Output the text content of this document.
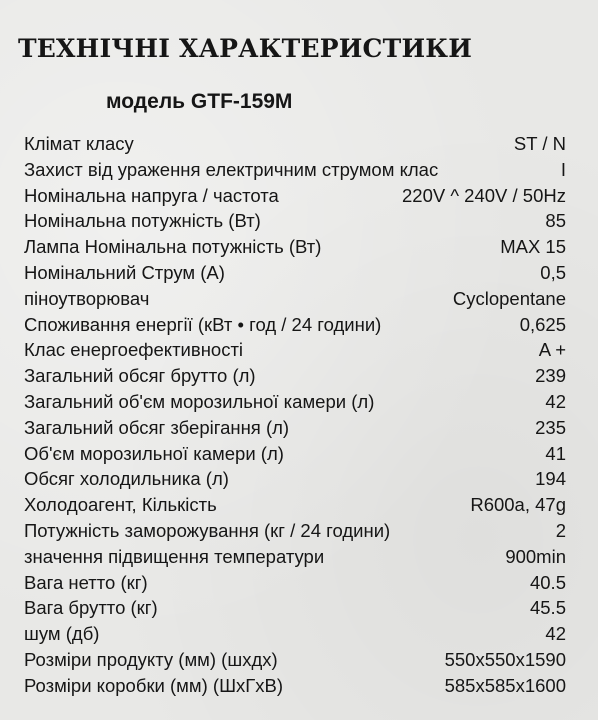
ТЕХНІЧНІ ХАРАКТЕРИСТИКИ
модель GTF-159M
Клімат класу	ST / N
Захист від ураження електричним струмом клас	I
Номінальна напруга / частота	220V ^ 240V / 50Hz
Номінальна потужність (Вт)	85
Лампа Номінальна потужність (Вт)	MAX 15
Номінальний Струм (А)	0,5
піноутворювач	Cyclopentane
Споживання енергії (кВт • год / 24 години)	0,625
Клас енергоефективності	A +
Загальний обсяг брутто (л)	239
Загальний об'єм морозильної камери (л)	42
Загальний обсяг зберігання (л)	235
Об'єм морозильної камери (л)	41
Обсяг холодильника (л)	194
Холодоагент, Кількість	R600a, 47g
Потужність заморожування (кг / 24 години)	2
значення підвищення температури	900min
Вага нетто (кг)	40.5
Вага брутто (кг)	45.5
шум (дб)	42
Розміри продукту (мм) (шхдх)	550x550x1590
Розміри коробки (мм) (ШхГхВ)	585x585x1600
